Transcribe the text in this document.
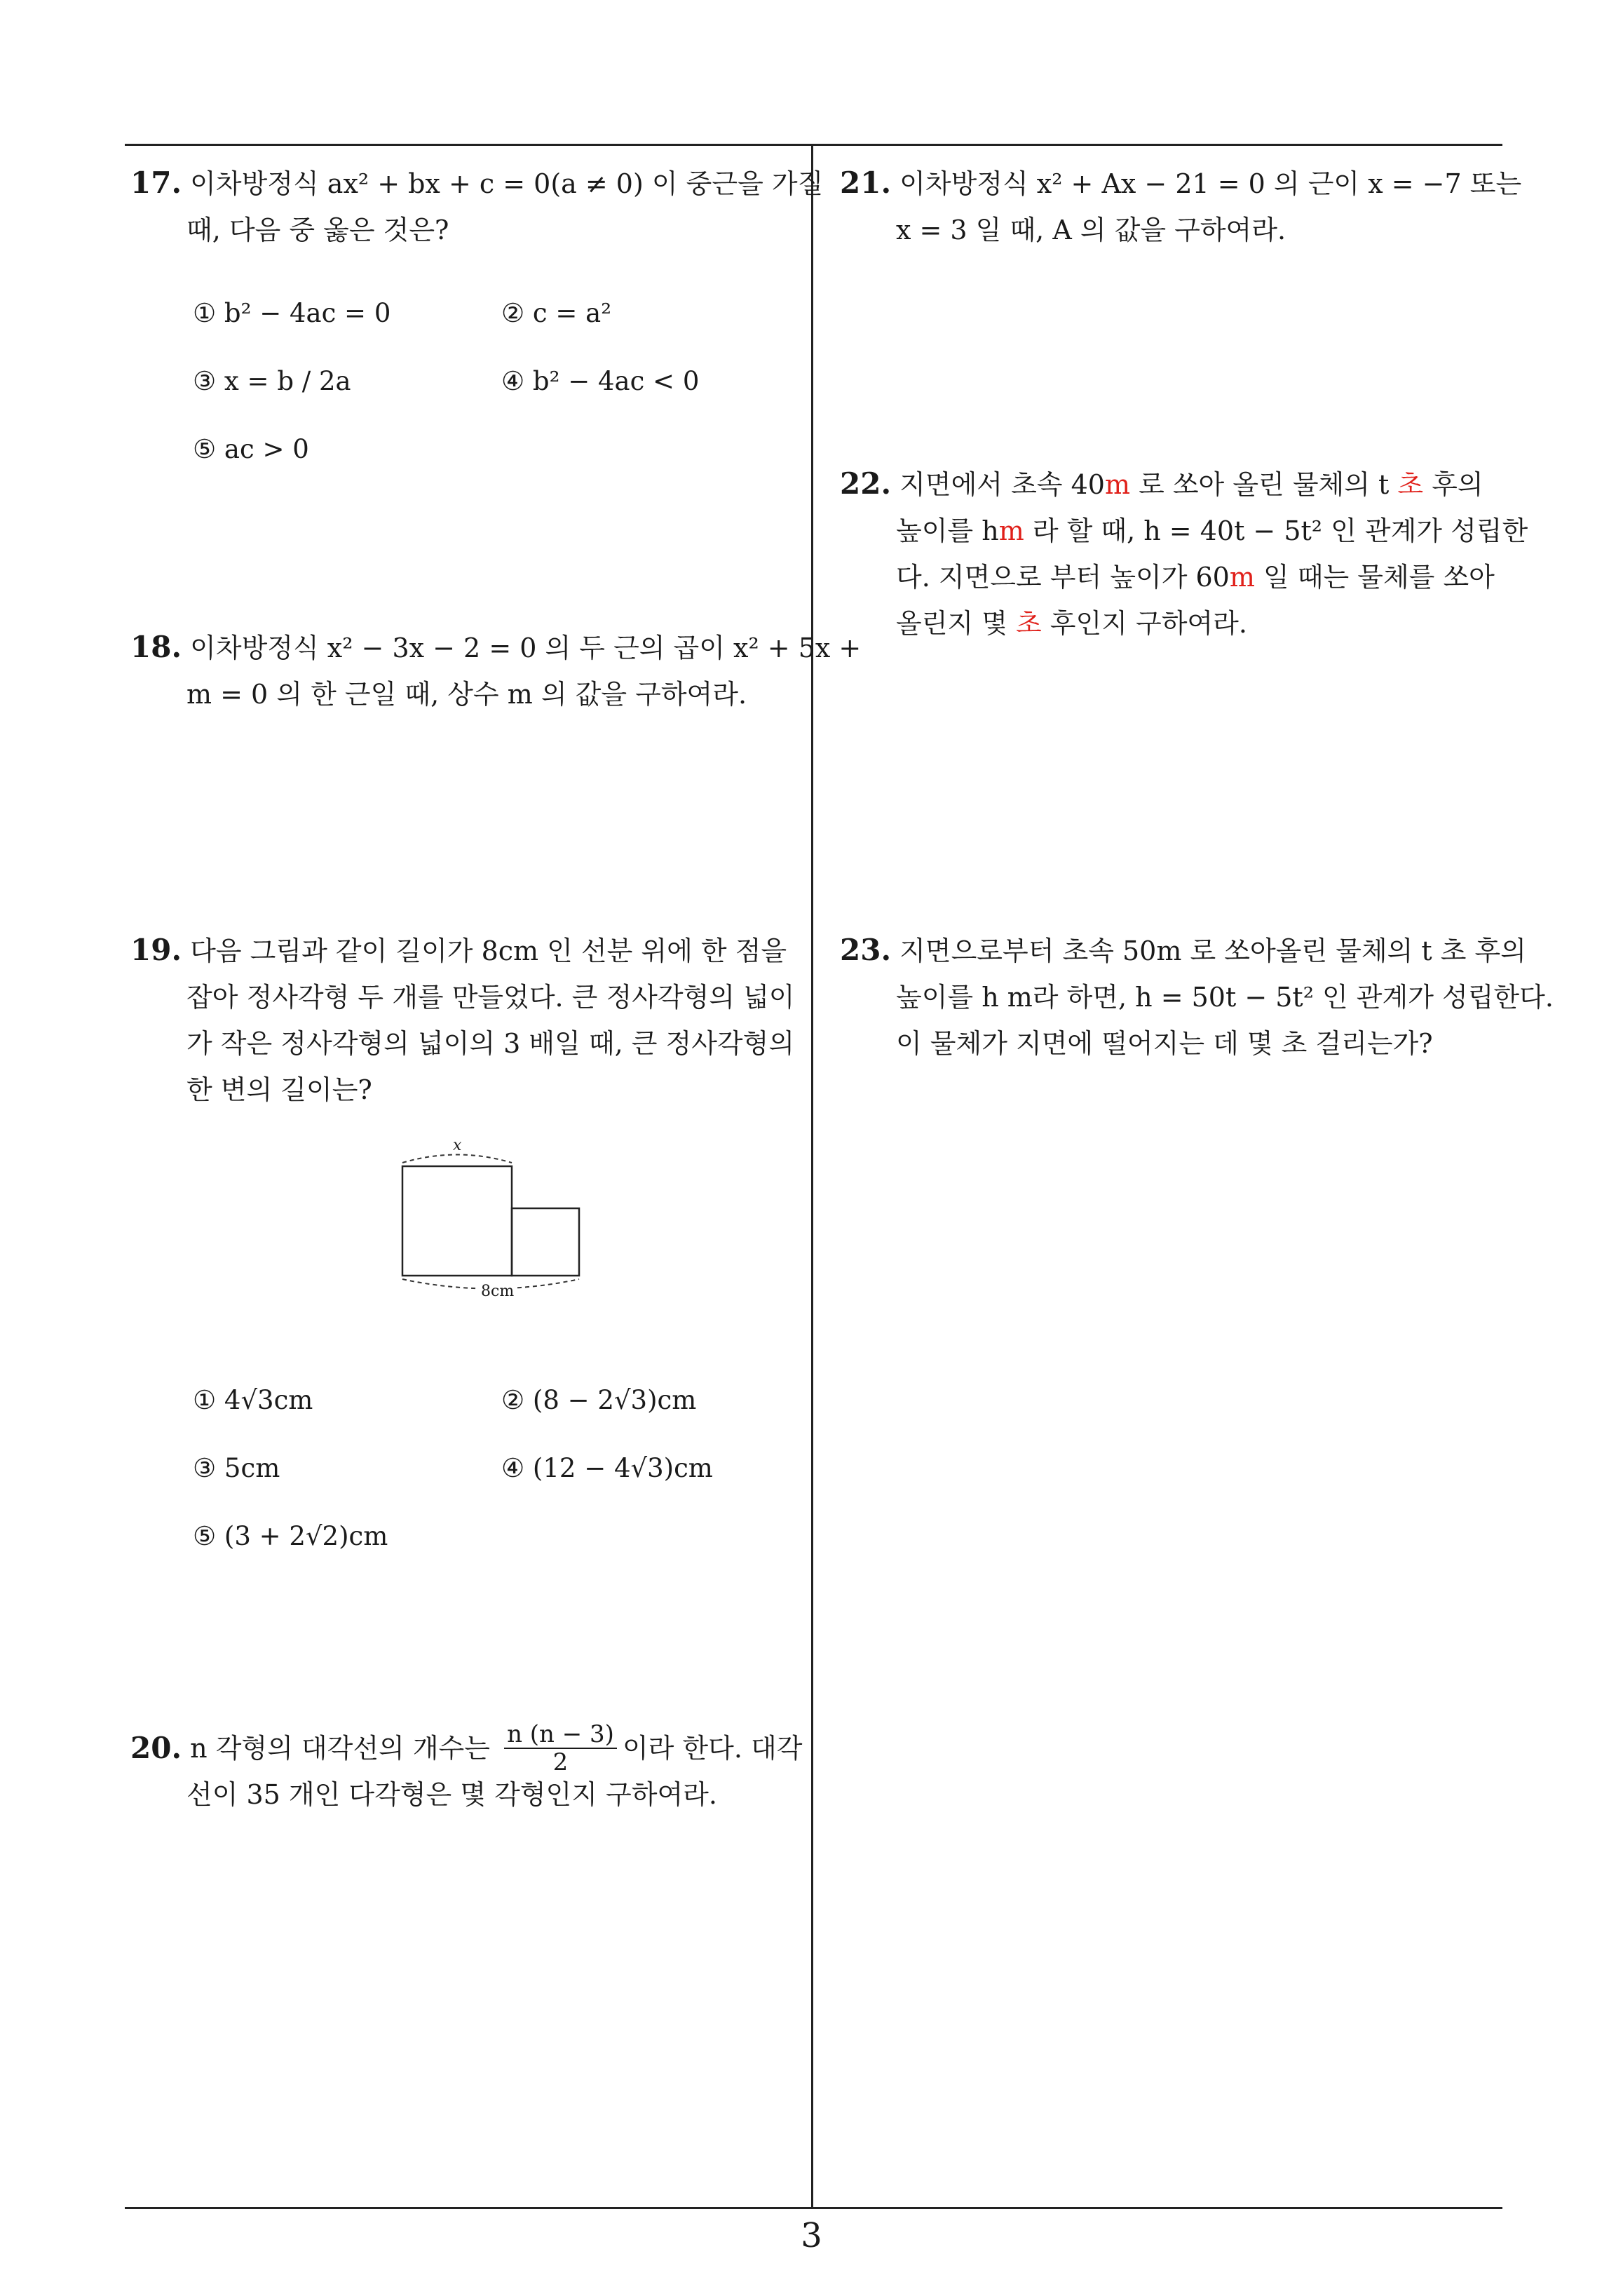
17. 이차방정식 ax² + bx + c = 0(a ≠ 0) 이 중근을 가질
때, 다음 중 옳은 것은?
① b² − 4ac = 0	② c = a²
③ x = b / 2a	④ b² − 4ac < 0
⑤ ac > 0
18. 이차방정식 x² − 3x − 2 = 0 의 두 근의 곱이 x² + 5x +
m = 0 의 한 근일 때, 상수 m 의 값을 구하여라.
19. 다음 그림과 같이 길이가 8cm 인 선분 위에 한 점을
잡아 정사각형 두 개를 만들었다. 큰 정사각형의 넓이
가 작은 정사각형의 넓이의 3 배일 때, 큰 정사각형의
한 변의 길이는?
x
8cm
① 4√3cm	② (8 − 2√3)cm
③ 5cm	④ (12 − 4√3)cm
⑤ (3 + 2√2)cm
20.
n 각형의 대각선의 개수는
$\frac{n (n - 3)}{2}$ 이라 한다. 대각
선이 35 개인 다각형은 몇 각형인지 구하여라.
21. 이차방정식 x² + Ax − 21 = 0 의 근이 x = −7 또는
x = 3 일 때, A 의 값을 구하여라.
22. 지면에서 초속 40m 로 쏘아 올린 물체의 t 초 후의
높이를 hm 라 할 때, h = 40t − 5t² 인 관계가 성립한
다. 지면으로 부터 높이가 60m 일 때는 물체를 쏘아
올린지 몇 초 후인지 구하여라.
23. 지면으로부터 초속 50m 로 쏘아올린 물체의 t 초 후의
높이를 h m라 하면, h = 50t − 5t² 인 관계가 성립한다.
이 물체가 지면에 떨어지는 데 몇 초 걸리는가?
3
